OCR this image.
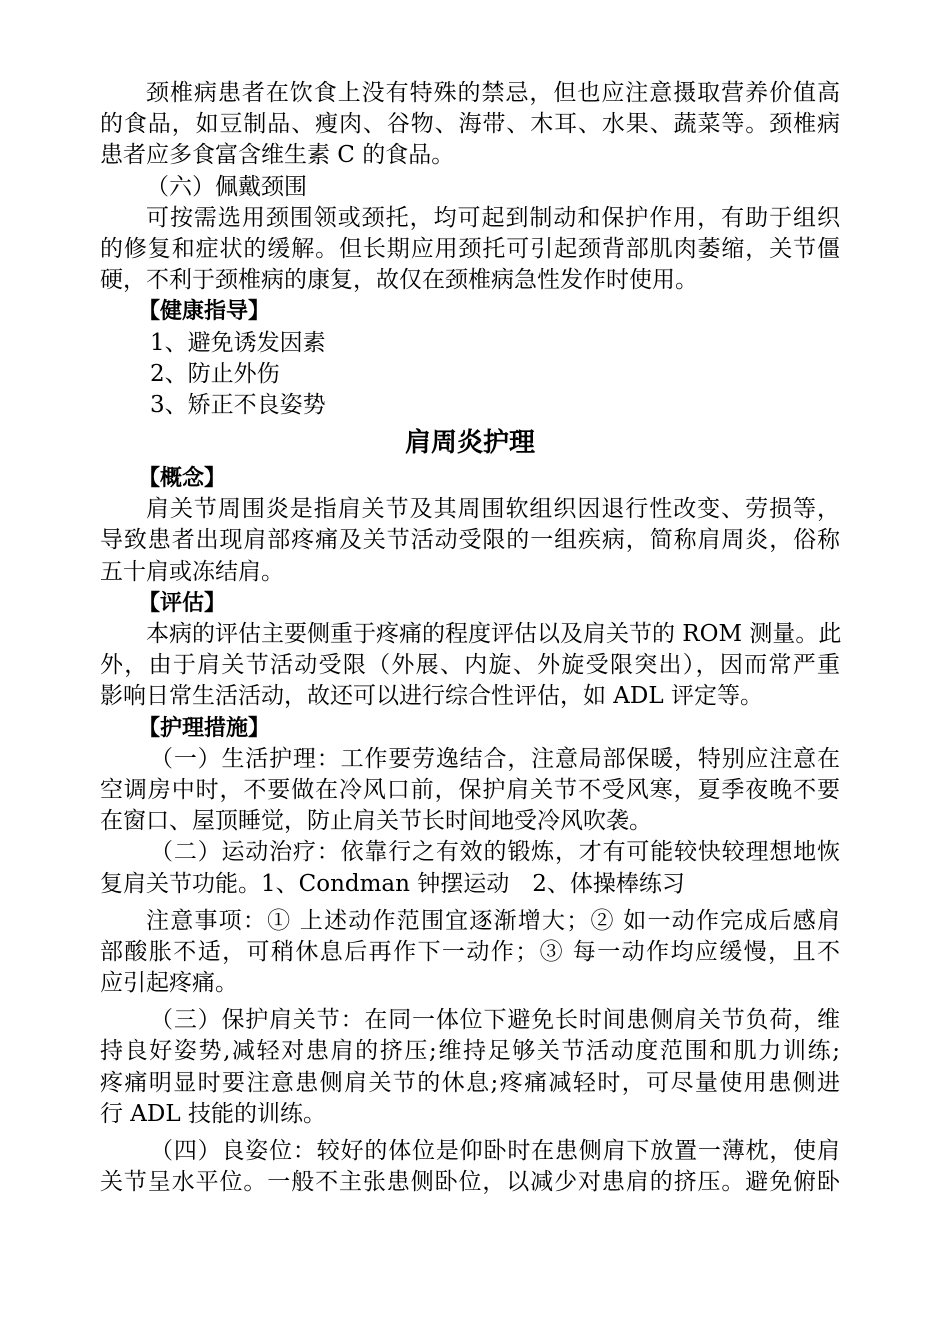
颈椎病患者在饮食上没有特殊的禁忌，但也应注意摄取营养价值高
的食品，如豆制品、瘦肉、谷物、海带、木耳、水果、蔬菜等。颈椎病
患者应多食富含维生素 C 的食品。
（六）佩戴颈围
可按需选用颈围领或颈托，均可起到制动和保护作用，有助于组织
的修复和症状的缓解。但长期应用颈托可引起颈背部肌肉萎缩，关节僵
硬，不利于颈椎病的康复，故仅在颈椎病急性发作时使用。
【健康指导】
1、避免诱发因素
2、防止外伤
3、矫正不良姿势
肩周炎护理
【概念】
肩关节周围炎是指肩关节及其周围软组织因退行性改变、劳损等，
导致患者出现肩部疼痛及关节活动受限的一组疾病，简称肩周炎，俗称
五十肩或冻结肩。
【评估】
本病的评估主要侧重于疼痛的程度评估以及肩关节的 ROM 测量。此
外，由于肩关节活动受限（外展、内旋、外旋受限突出），因而常严重
影响日常生活活动，故还可以进行综合性评估，如 ADL 评定等。
【护理措施】
（一）生活护理：工作要劳逸结合，注意局部保暖，特别应注意在
空调房中时，不要做在冷风口前，保护肩关节不受风寒，夏季夜晚不要
在窗口、屋顶睡觉，防止肩关节长时间地受冷风吹袭。
（二）运动治疗：依靠行之有效的锻炼，才有可能较快较理想地恢
复肩关节功能。1、Condman 钟摆运动　2、体操棒练习
注意事项：① 上述动作范围宜逐渐增大；② 如一动作完成后感肩
部酸胀不适，可稍休息后再作下一动作；③ 每一动作均应缓慢，且不
应引起疼痛。
（三）保护肩关节：在同一体位下避免长时间患侧肩关节负荷，维
持良好姿势,减轻对患肩的挤压;维持足够关节活动度范围和肌力训练;
疼痛明显时要注意患侧肩关节的休息;疼痛减轻时，可尽量使用患侧进
行 ADL 技能的训练。
（四）良姿位：较好的体位是仰卧时在患侧肩下放置一薄枕，使肩
关节呈水平位。一般不主张患侧卧位，以减少对患肩的挤压。避免俯卧
